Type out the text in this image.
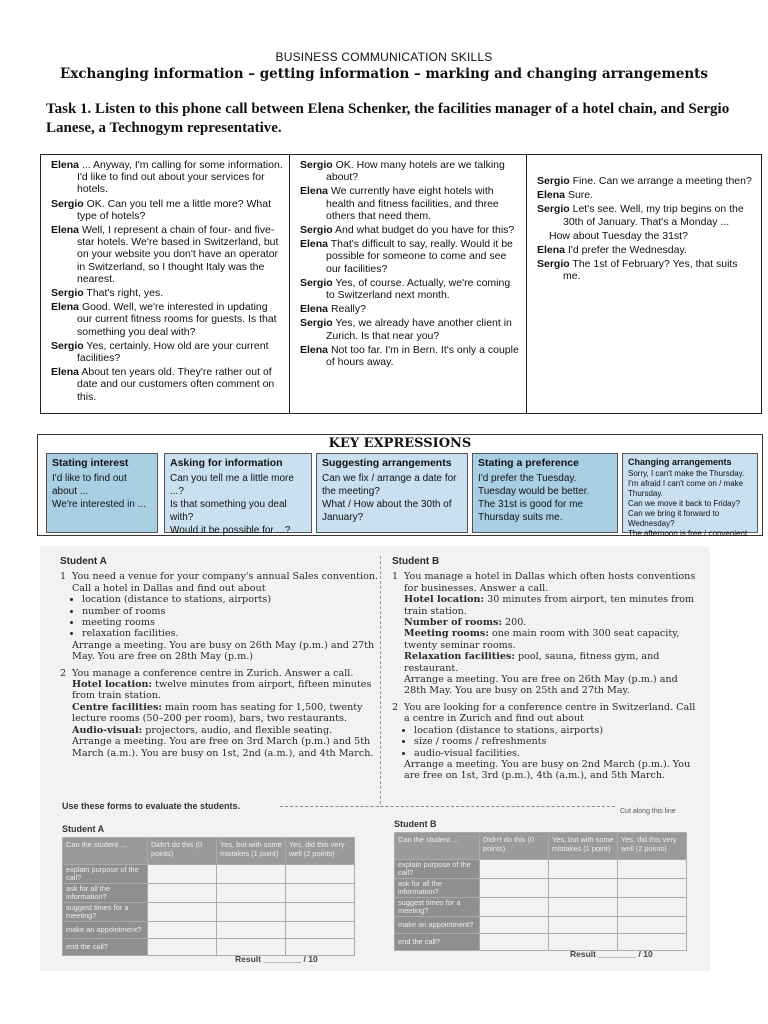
BUSINESS COMMUNICATION SKILLS
Exchanging information – getting information – marking and changing arrangements
Task 1. Listen to this phone call between Elena Schenker, the facilities manager of a hotel chain, and Sergio Lanese, a Technogym representative.
Elena ... Anyway, I'm calling for some information. I'd like to find out about your services for hotels.
Sergio OK. Can you tell me a little more? What type of hotels?
Elena Well, I represent a chain of four- and five-star hotels. We're based in Switzerland, but on your website you don't have an operator in Switzerland, so I thought Italy was the nearest.
Sergio That's right, yes.
Elena Good. Well, we're interested in updating our current fitness rooms for guests. Is that something you deal with?
Sergio Yes, certainly. How old are your current facilities?
Elena About ten years old. They're rather out of date and our customers often comment on this.
Sergio OK. How many hotels are we talking about?
Elena We currently have eight hotels with health and fitness facilities, and three others that need them.
Sergio And what budget do you have for this?
Elena That's difficult to say, really. Would it be possible for someone to come and see our facilities?
Sergio Yes, of course. Actually, we're coming to Switzerland next month.
Elena Really?
Sergio Yes, we already have another client in Zurich. Is that near you?
Elena Not too far. I'm in Bern. It's only a couple of hours away.
Sergio Fine. Can we arrange a meeting then?
Elena Sure.
Sergio Let's see. Well, my trip begins on the 30th of January. That's a Monday ...
How about Tuesday the 31st?
Elena I'd prefer the Wednesday.
Sergio The 1st of February? Yes, that suits me.
KEY EXPRESSIONS
Stating interest
I'd like to find out about ...
We're interested in ...
Asking for information
Can you tell me a little more ...?
Is that something you deal with?
Would it be possible for ...?
Suggesting arrangements
Can we fix / arrange a date for the meeting?
What / How about the 30th of January?
Stating a preference
I'd prefer the Tuesday.
Tuesday would be better.
The 31st is good for me
Thursday suits me.
Changing arrangements
Sorry, I can't make the Thursday.
I'm afraid I can't come on / make Thursday.
Can we move it back to Friday?
Can we bring it forward to Wednesday?
The afternoon is free / convenient.
Student A
1 You need a venue for your company's annual Sales convention. Call a hotel in Dallas and find out about
• location (distance to stations, airports)
• number of rooms
• meeting rooms
• relaxation facilities.
Arrange a meeting. You are busy on 26th May (p.m.) and 27th May. You are free on 28th May (p.m.)
2 You manage a conference centre in Zurich. Answer a call.
Hotel location: twelve minutes from airport, fifteen minutes from train station.
Centre facilities: main room has seating for 1,500, twenty lecture rooms (50–200 per room), bars, two restaurants.
Audio-visual: projectors, audio, and flexible seating.
Arrange a meeting. You are free on 3rd March (p.m.) and 5th March (a.m.). You are busy on 1st, 2nd (a.m.), and 4th March.
Student B
1 You manage a hotel in Dallas which often hosts conventions for businesses. Answer a call.
Hotel location: 30 minutes from airport, ten minutes from train station.
Number of rooms: 200.
Meeting rooms: one main room with 300 seat capacity, twenty seminar rooms.
Relaxation facilities: pool, sauna, fitness gym, and restaurant.
Arrange a meeting. You are free on 26th May (p.m.) and 28th May. You are busy on 25th and 27th May.
2 You are looking for a conference centre in Switzerland. Call a centre in Zurich and find out about
• location (distance to stations, airports)
• size / rooms / refreshments
• audio-visual facilities.
Arrange a meeting. You are busy on 2nd March (p.m.). You are free on 1st, 3rd (p.m.), 4th (a.m.), and 5th March.
Use these forms to evaluate the students.
Cut along this line
Student A
Can the student ...	Didn't do this (0 points)	Yes, but with some mistakes (1 point)	Yes, did this very well (2 points)
explain purpose of the call?			
ask for all the information?			
suggest times for a meeting?			
make an appointment?			
end the call?			
Student B
Can the student ...	Didn't do this (0 points)	Yes, but with some mistakes (1 point)	Yes, did this very well (2 points)
explain purpose of the call?			
ask for all the information?			
suggest times for a meeting?			
make an appointment?			
end the call?			
Result ________ / 10	Result ________ / 10
